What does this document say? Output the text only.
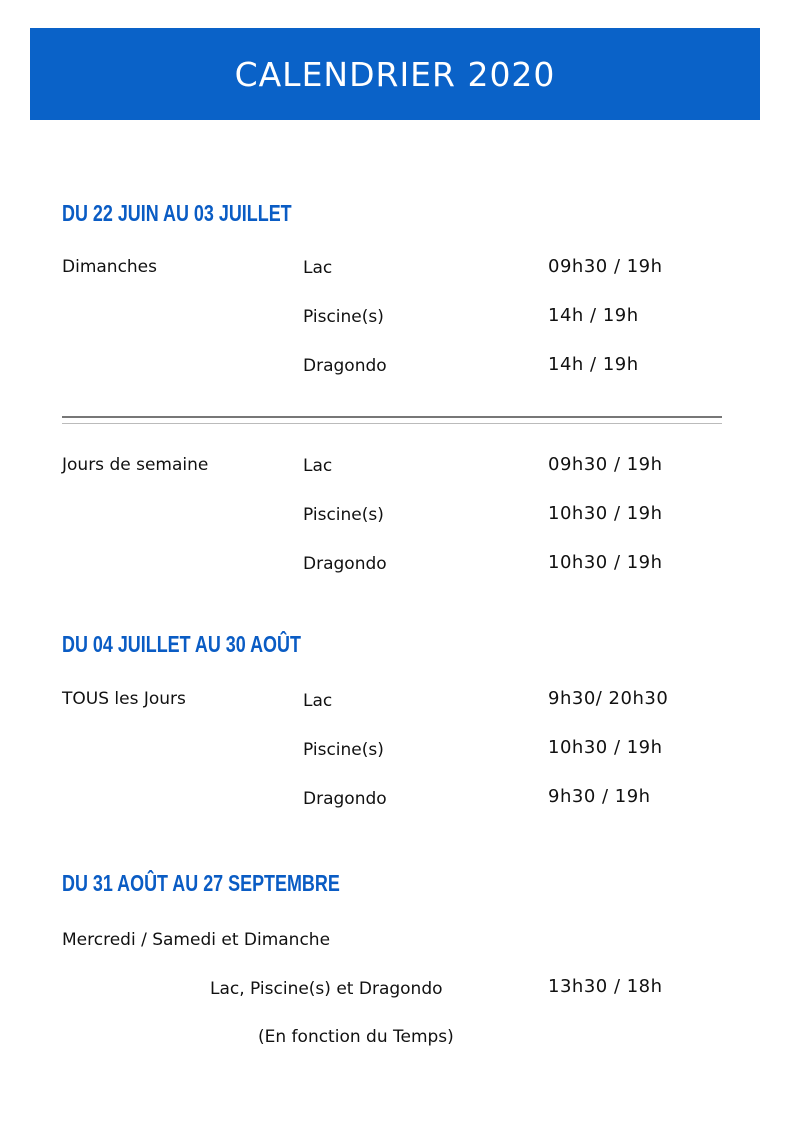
CALENDRIER 2020
DU 22 JUIN AU 03 JUILLET
Dimanches	Lac	09h30 / 19h
Piscine(s)	14h / 19h
Dragondo	14h / 19h
Jours de semaine	Lac	09h30 / 19h
Piscine(s)	10h30 / 19h
Dragondo	10h30 / 19h
DU 04 JUILLET AU 30 AOÛT
TOUS les Jours	Lac	9h30/ 20h30
Piscine(s)	10h30 / 19h
Dragondo	9h30 / 19h
DU 31 AOÛT AU 27 SEPTEMBRE
Mercredi / Samedi et Dimanche
Lac, Piscine(s) et Dragondo	13h30 / 18h
(En fonction du Temps)
